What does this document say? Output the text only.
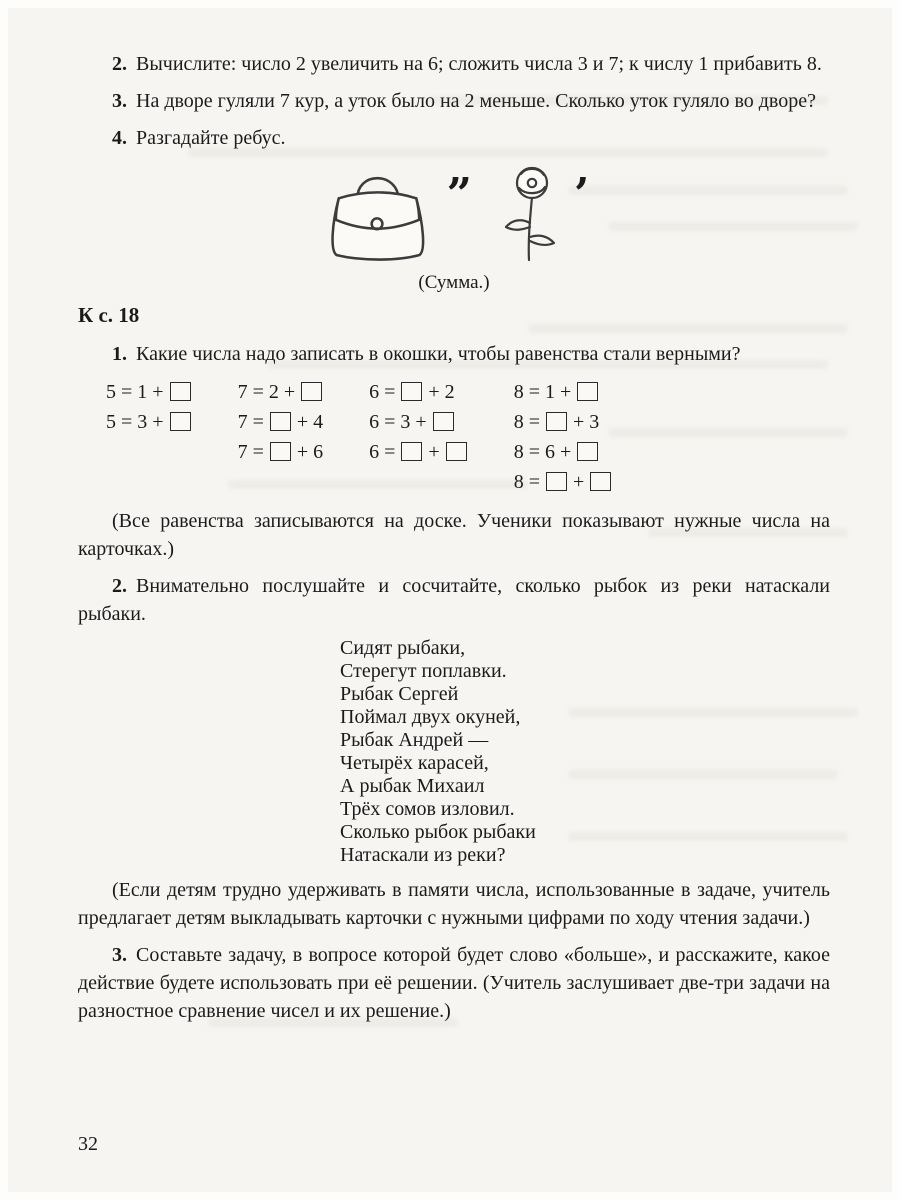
2. Вычислите: число 2 увеличить на 6; сложить числа 3 и 7; к числу 1 прибавить 8.

3. На дворе гуляли 7 кур, а уток было на 2 меньше. Сколько уток гуляло во дворе?

4. Разгадайте ребус.

” ’
(Сумма.)
К с. 18

1. Какие числа надо записать в окошки, чтобы равенства стали верными?

5 = 1 +
5 = 3 +
7 = 2 +
7 =  + 4
7 =  + 6
6 =  + 2
6 = 3 +
6 =  +
8 = 1 +
8 =  + 3
8 = 6 +
8 =  +

(Все равенства записываются на доске. Ученики показывают нужные числа на карточках.)

2. Внимательно послушайте и сосчитайте, сколько рыбок из реки натаскали рыбаки.

Сидят рыбаки,
Стерегут поплавки.
Рыбак Сергей
Поймал двух окуней,
Рыбак Андрей —
Четырёх карасей,
А рыбак Михаил
Трёх сомов изловил.
Сколько рыбок рыбаки
Натаскали из реки?

(Если детям трудно удерживать в памяти числа, использованные в задаче, учитель предлагает детям выкладывать карточки с нужными цифрами по ходу чтения задачи.)

3. Составьте задачу, в вопросе которой будет слово «больше», и расскажите, какое действие будете использовать при её решении. (Учитель заслушивает две-три задачи на разностное сравнение чисел и их решение.)

32
